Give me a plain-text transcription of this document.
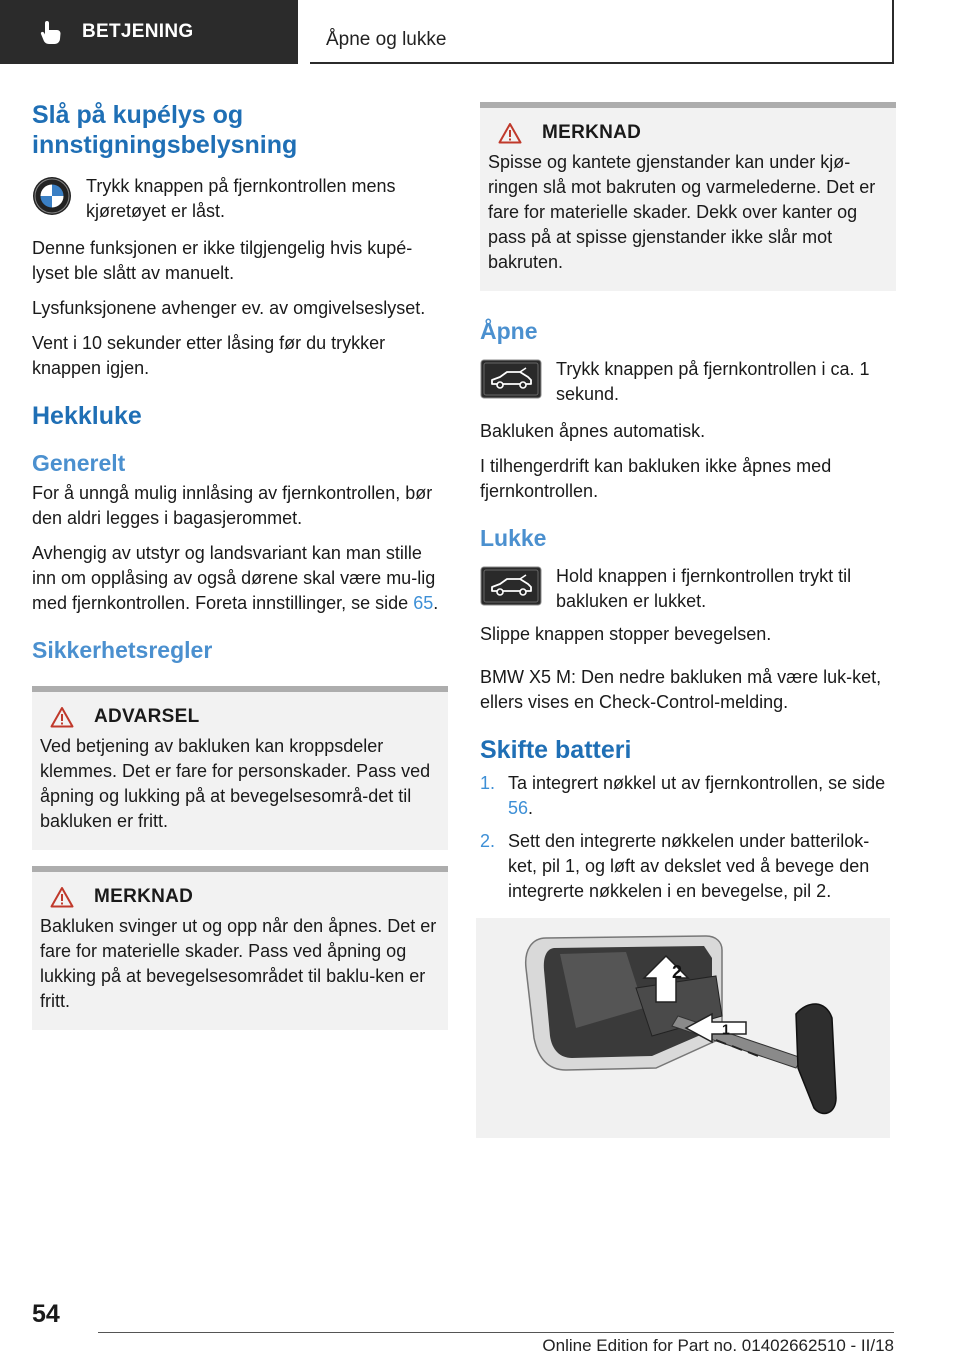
BETJENING	Åpne og lukke
Slå på kupélys og innstigningsbelysning

Trykk knappen på fjernkontrollen mens kjøretøyet er låst.

Denne funksjonen er ikke tilgjengelig hvis kupé-lyset ble slått av manuelt.

Lysfunksjonene avhenger ev. av omgivelseslyset.

Vent i 10 sekunder etter låsing før du trykker knappen igjen.

Hekkluke
Generelt

For å unngå mulig innlåsing av fjernkontrollen, bør den aldri legges i bagasjerommet.

Avhengig av utstyr og landsvariant kan man stille inn om opplåsing av også dørene skal være mu-lig med fjernkontrollen. Foreta innstillinger, se side 65.

Sikkerhetsregler
ADVARSEL

Ved betjening av bakluken kan kroppsdeler klemmes. Det er fare for personskader. Pass ved åpning og lukking på at bevegelsesområ-det til bakluken er fritt.

MERKNAD

Bakluken svinger ut og opp når den åpnes. Det er fare for materielle skader. Pass ved åpning og lukking på at bevegelsesområdet til baklu-ken er fritt.

MERKNAD

Spisse og kantete gjenstander kan under kjø-ringen slå mot bakruten og varmelederne. Det er fare for materielle skader. Dekk over kanter og pass på at spisse gjenstander ikke slår mot bakruten.

Åpne

Trykk knappen på fjernkontrollen i ca. 1 sekund.

Bakluken åpnes automatisk.

I tilhengerdrift kan bakluken ikke åpnes med fjernkontrollen.

Lukke

Hold knappen i fjernkontrollen trykt til bakluken er lukket.

Slippe knappen stopper bevegelsen.

BMW X5 M: Den nedre bakluken må være luk-ket, ellers vises en Check-Control-melding.

Skifte batteri
1. Ta integrert nøkkel ut av fjernkontrollen, se side 56.
2. Sett den integrerte nøkkelen under batterilok-ket, pil 1, og løft av dekslet ved å bevege den integrerte nøkkelen i en bevegelse, pil 2.
2
1
54
Online Edition for Part no. 01402662510 - II/18
